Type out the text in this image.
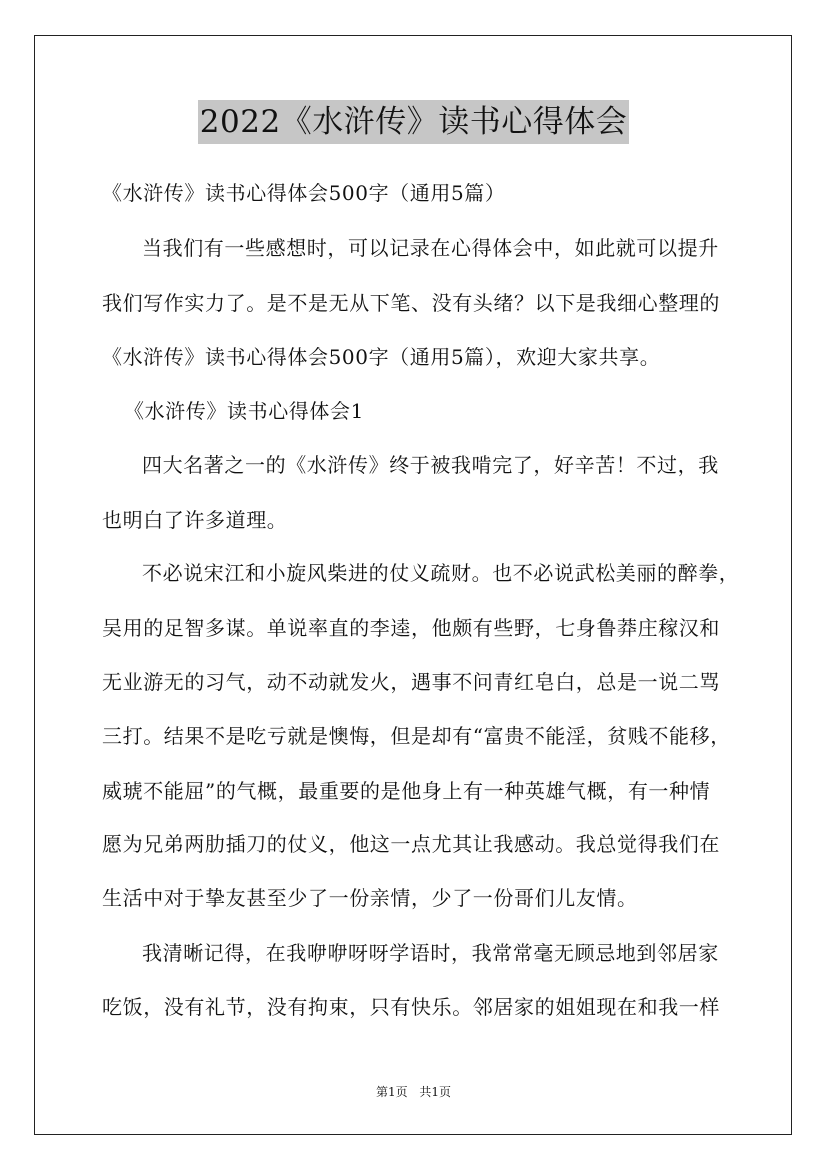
2022《水浒传》读书心得体会
《水浒传》读书心得体会500字（通用5篇）
当我们有一些感想时，可以记录在心得体会中，如此就可以提升
我们写作实力了。是不是无从下笔、没有头绪？以下是我细心整理的
《水浒传》读书心得体会500字（通用5篇），欢迎大家共享。
《水浒传》读书心得体会1
四大名著之一的《水浒传》终于被我啃完了，好辛苦！不过，我
也明白了许多道理。
不必说宋江和小旋风柴进的仗义疏财。也不必说武松美丽的醉拳，
吴用的足智多谋。单说率直的李逵，他颇有些野，七身鲁莽庄稼汉和
无业游无的习气，动不动就发火，遇事不问青红皂白，总是一说二骂
三打。结果不是吃亏就是懊悔，但是却有“富贵不能淫，贫贱不能移，
威琥不能屈”的气概，最重要的是他身上有一种英雄气概，有一种情
愿为兄弟两肋插刀的仗义，他这一点尤其让我感动。我总觉得我们在
生活中对于挚友甚至少了一份亲情，少了一份哥们儿友情。
我清晰记得，在我咿咿呀呀学语时，我常常毫无顾忌地到邻居家
吃饭，没有礼节，没有拘束，只有快乐。邻居家的姐姐现在和我一样
第1页 共1页
